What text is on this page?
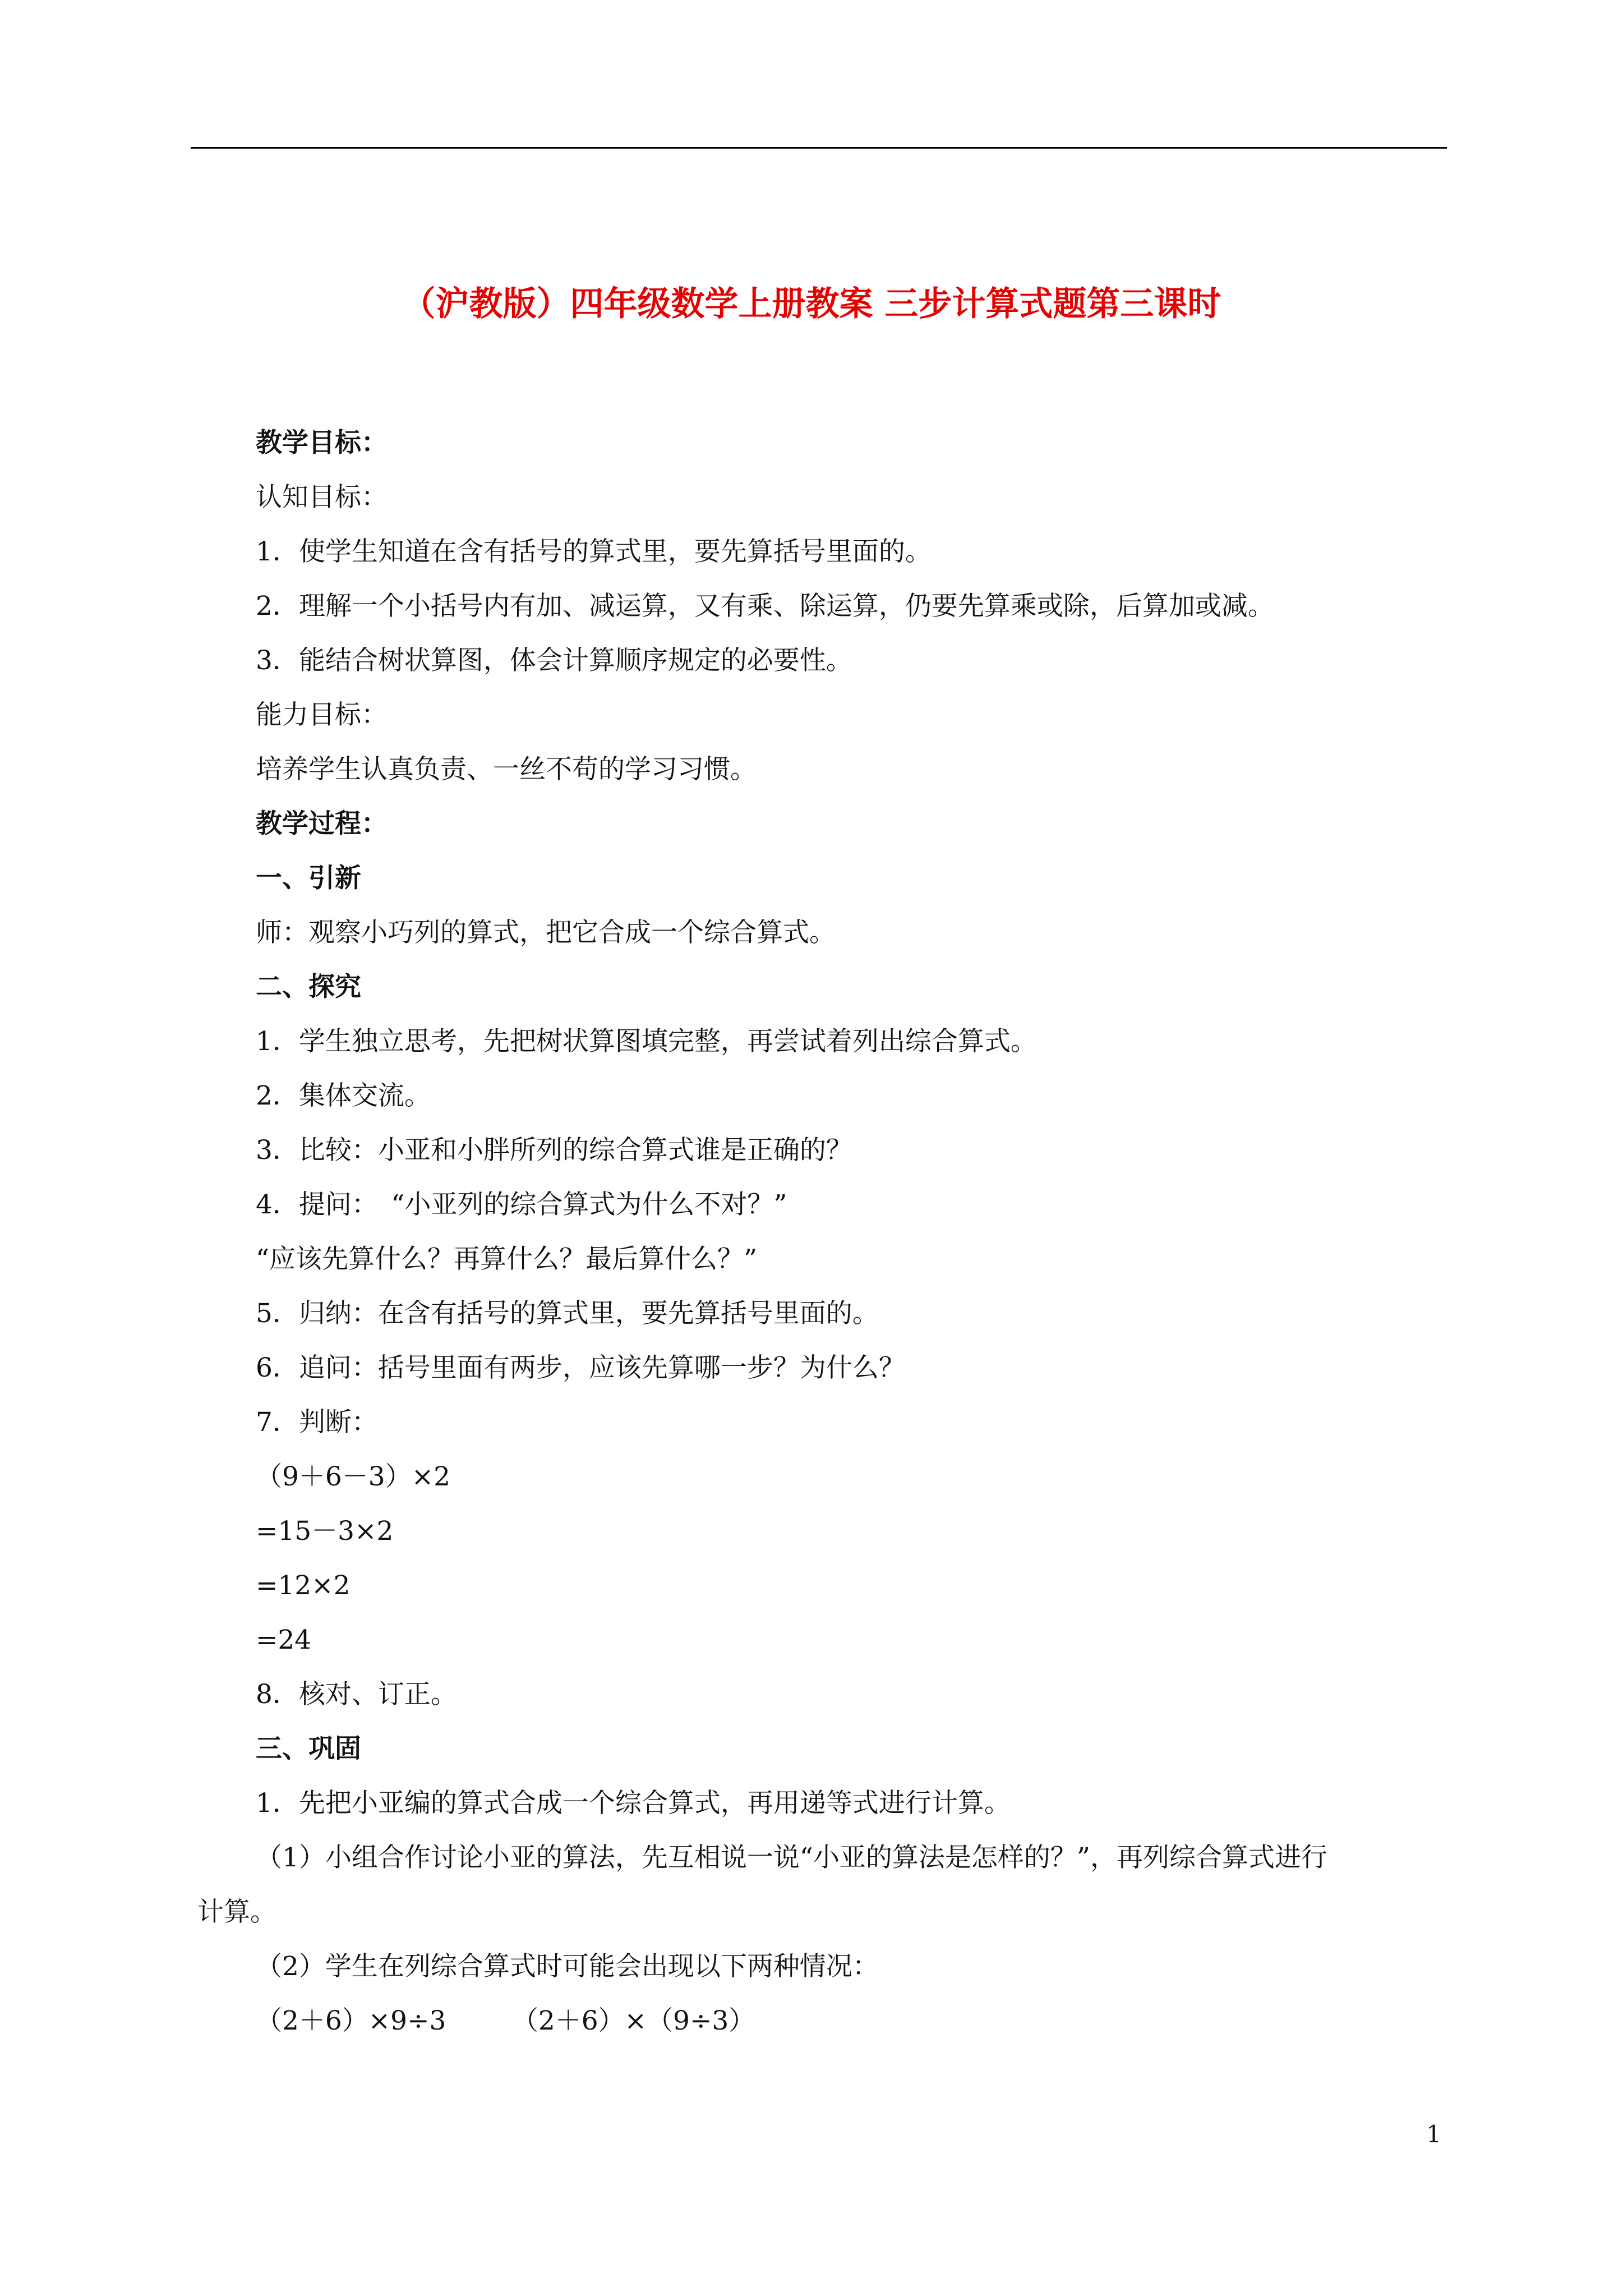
（沪教版）四年级数学上册教案 三步计算式题第三课时
教学目标：
认知目标：
1．使学生知道在含有括号的算式里，要先算括号里面的。
2．理解一个小括号内有加、减运算，又有乘、除运算，仍要先算乘或除，后算加或减。
3．能结合树状算图，体会计算顺序规定的必要性。
能力目标：
培养学生认真负责、一丝不苟的学习习惯。
教学过程：
一、引新
师：观察小巧列的算式，把它合成一个综合算式。
二、探究
1．学生独立思考，先把树状算图填完整，再尝试着列出综合算式。
2．集体交流。
3．比较：小亚和小胖所列的综合算式谁是正确的？
4．提问：　“小亚列的综合算式为什么不对？”
“应该先算什么？再算什么？最后算什么？”
5．归纳：在含有括号的算式里，要先算括号里面的。
6．追问：括号里面有两步，应该先算哪一步？为什么？
7．判断：
（9＋6－3）×2
=15－3×2
=12×2
=24
8．核对、订正。
三、巩固
1．先把小亚编的算式合成一个综合算式，再用递等式进行计算。
（1）小组合作讨论小亚的算法，先互相说一说“小亚的算法是怎样的？”，再列综合算式进行
计算。
（2）学生在列综合算式时可能会出现以下两种情况：
（2＋6）×9÷3　　　（2＋6）×（9÷3）
1
